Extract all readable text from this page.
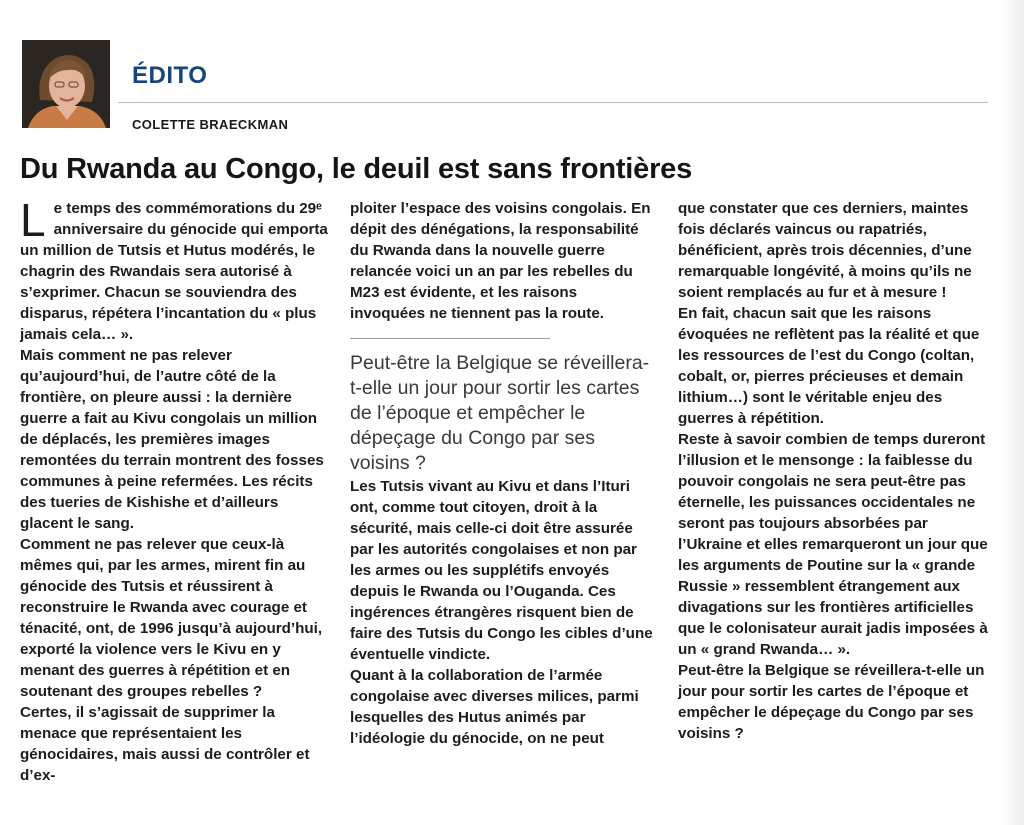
ÉDITO
COLETTE BRAECKMAN
Du Rwanda au Congo, le deuil est sans frontières
L e temps des commémorations du 29ᵉ anniversaire du génocide qui emporta un million de Tutsis et Hutus modérés, le chagrin des Rwandais sera autorisé à s’exprimer. Chacun se souviendra des disparus, répétera l’incantation du « plus jamais cela… ».

Mais comment ne pas relever qu’aujourd’hui, de l’autre côté de la frontière, on pleure aussi : la dernière guerre a fait au Kivu congolais un million de déplacés, les premières images remontées du terrain montrent des fosses communes à peine refermées. Les récits des tueries de Kishishe et d’ailleurs glacent le sang.

Comment ne pas relever que ceux-là mêmes qui, par les armes, mirent fin au génocide des Tutsis et réussirent à reconstruire le Rwanda avec courage et ténacité, ont, de 1996 jusqu’à aujourd’hui, exporté la violence vers le Kivu en y menant des guerres à répétition et en soutenant des groupes rebelles ?

Certes, il s’agissait de supprimer la menace que représentaient les génocidaires, mais aussi de contrôler et d’ex-

ploiter l’espace des voisins congolais. En dépit des dénégations, la responsabilité du Rwanda dans la nouvelle guerre relancée voici un an par les rebelles du M23 est évidente, et les raisons invoquées ne tiennent pas la route.

Peut-être la Belgique se réveillera-t-elle un jour pour sortir les cartes de l’époque et empêcher le dépeçage du Congo par ses voisins ?

Les Tutsis vivant au Kivu et dans l’Ituri ont, comme tout citoyen, droit à la sécurité, mais celle-ci doit être assurée par les autorités congolaises et non par les armes ou les supplétifs envoyés depuis le Rwanda ou l’Ouganda. Ces ingérences étrangères risquent bien de faire des Tutsis du Congo les cibles d’une éventuelle vindicte.

Quant à la collaboration de l’armée congolaise avec diverses milices, parmi lesquelles des Hutus animés par l’idéologie du génocide, on ne peut

que constater que ces derniers, maintes fois déclarés vaincus ou rapatriés, bénéficient, après trois décennies, d’une remarquable longévité, à moins qu’ils ne soient remplacés au fur et à mesure !

En fait, chacun sait que les raisons évoquées ne reflètent pas la réalité et que les ressources de l’est du Congo (coltan, cobalt, or, pierres précieuses et demain lithium…) sont le véritable enjeu des guerres à répétition.

Reste à savoir combien de temps dureront l’illusion et le mensonge : la faiblesse du pouvoir congolais ne sera peut-être pas éternelle, les puissances occidentales ne seront pas toujours absorbées par l’Ukraine et elles remarqueront un jour que les arguments de Poutine sur la « grande Russie » ressemblent étrangement aux divagations sur les frontières artificielles que le colonisateur aurait jadis imposées à un « grand Rwanda… ».

Peut-être la Belgique se réveillera-t-elle un jour pour sortir les cartes de l’époque et empêcher le dépeçage du Congo par ses voisins ?
